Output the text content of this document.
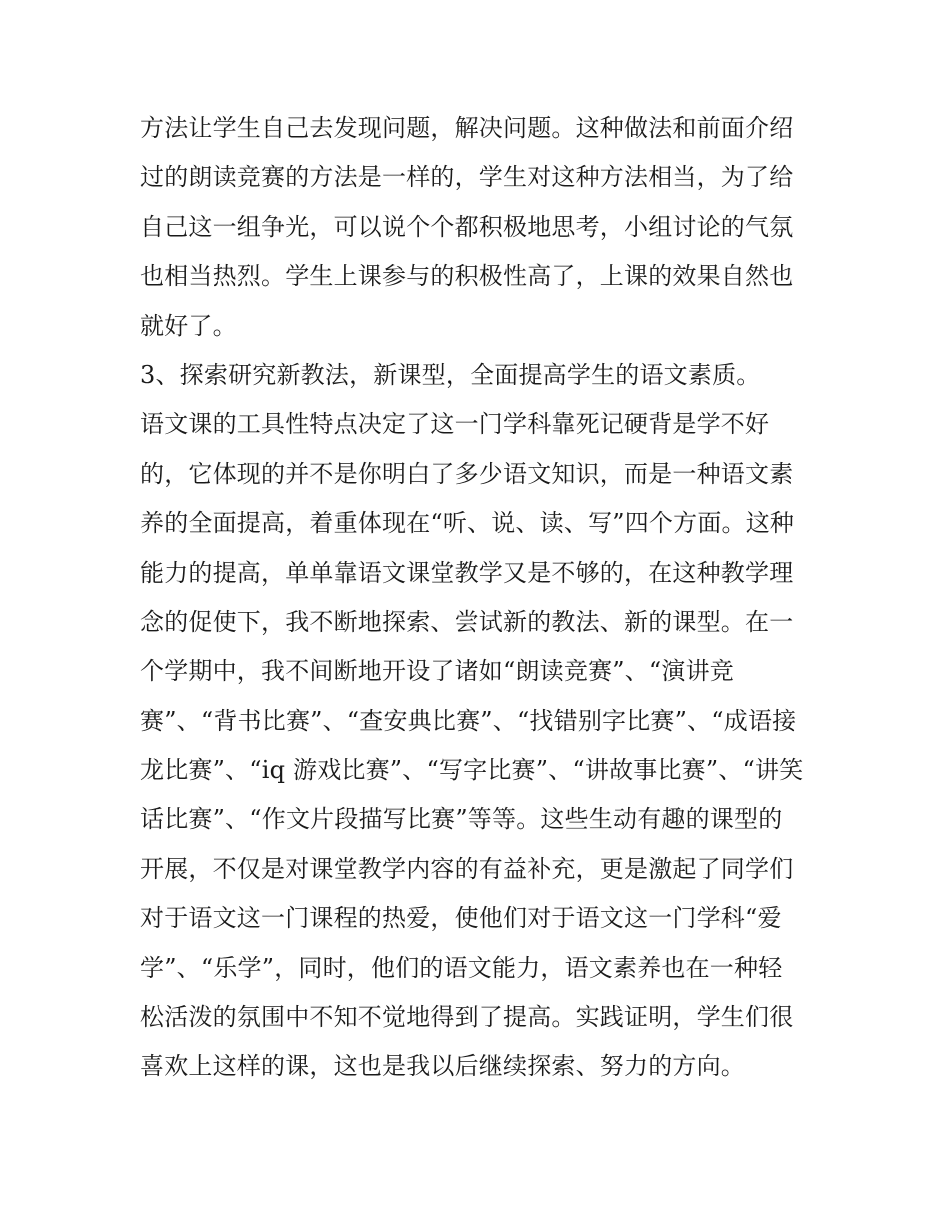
方法让学生自己去发现问题，解决问题。这种做法和前面介绍
过的朗读竞赛的方法是一样的，学生对这种方法相当，为了给
自己这一组争光，可以说个个都积极地思考，小组讨论的气氛
也相当热烈。学生上课参与的积极性高了，上课的效果自然也
就好了。
3、探索研究新教法，新课型，全面提高学生的语文素质。
语文课的工具性特点决定了这一门学科靠死记硬背是学不好
的，它体现的并不是你明白了多少语文知识，而是一种语文素
养的全面提高，着重体现在“听、说、读、写”四个方面。这种
能力的提高，单单靠语文课堂教学又是不够的，在这种教学理
念的促使下，我不断地探索、尝试新的教法、新的课型。在一
个学期中，我不间断地开设了诸如“朗读竞赛”、“演讲竞
赛”、“背书比赛”、“查安典比赛”、“找错别字比赛”、“成语接
龙比赛”、“iq 游戏比赛”、“写字比赛”、“讲故事比赛”、“讲笑
话比赛”、“作文片段描写比赛”等等。这些生动有趣的课型的
开展，不仅是对课堂教学内容的有益补充，更是激起了同学们
对于语文这一门课程的热爱，使他们对于语文这一门学科“爱
学”、“乐学”，同时，他们的语文能力，语文素养也在一种轻
松活泼的氛围中不知不觉地得到了提高。实践证明，学生们很
喜欢上这样的课，这也是我以后继续探索、努力的方向。
